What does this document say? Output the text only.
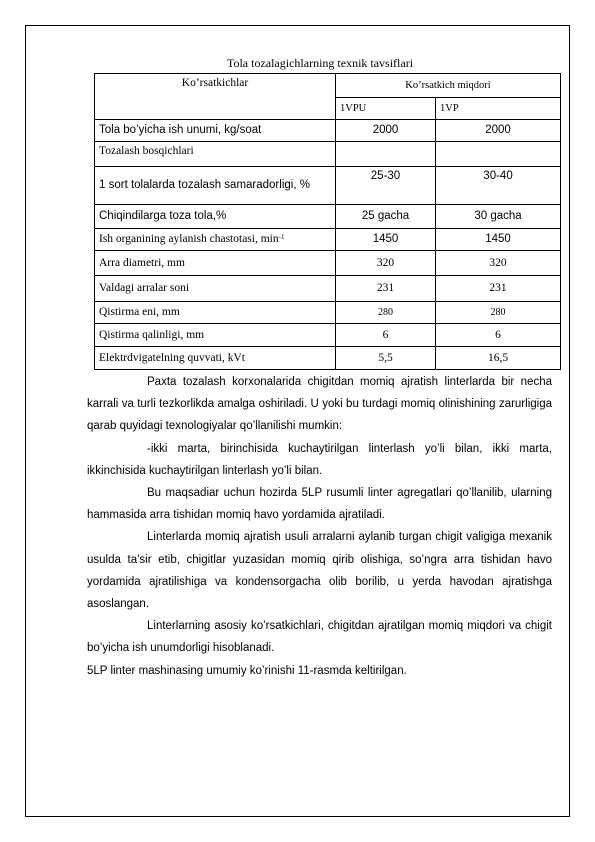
Tola tozalagichlarning texnik tavsiflari
Ko’rsatkichlar	Ko’rsatkich miqdori	
	1VPU	1VP
Tola bo’yicha ish unumi, kg/soat	2000	2000
Tozalash bosqichlari		
1 sort tolalarda tozalash samaradorligi, %	25-30	30-40
Chiqindilarga toza tola,%	25 gacha	30 gacha
Ish organining aylanish chastotasi, $\min^{-1}$	1450	1450
Arra diametri, mm	320	320
Valdagi arralar soni	231	231
Qistirma eni, mm	280	280
Qistirma qalinligi, mm	6	6
Elektrdvigatelning quvvati, kVt	5,5	16,5

Paxta tozalash korxonalarida chigitdan momiq ajratish linterlarda bir necha karrali va turli tezkorlikda amalga oshiriladi. U yoki bu turdagi momiq olinishining zarurligiga qarab quyidagi texnologiyalar qo’llanilishi mumkin:

-ikki marta, birinchisida kuchaytirilgan linterlash yo’li bilan, ikki marta, ikkinchisida kuchaytirilgan linterlash yo’li bilan.

Bu maqsadiar uchun hozirda 5LP rusumli linter agregatlari qo’llanilib, ularning hammasida arra tishidan momiq havo yordamida ajratiladi.

Linterlarda momiq ajratish usuli arralarni aylanib turgan chigit valigiga mexanik usulda ta’sir etib, chigitlar yuzasidan momiq qirib olishiga, so’ngra arra tishidan havo yordamida ajratilishiga va kondensorgacha olib borilib, u yerda havodan ajratishga asoslangan.

Linterlarning asosiy ko’rsatkichlari, chigitdan ajratilgan momiq miqdori va chigit bo’yicha ish unumdorligi hisoblanadi.

5LP linter mashinasing umumiy ko’rinishi 11-rasmda keltirilgan.
